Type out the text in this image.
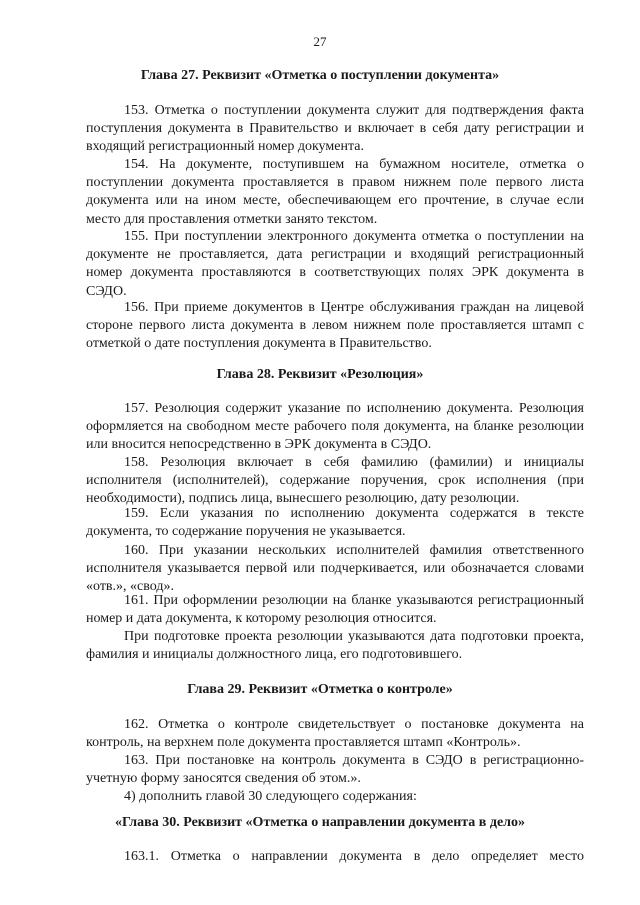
27
Глава 27. Реквизит «Отметка о поступлении документа»

153. Отметка о поступлении документа служит для подтверждения факта поступления документа в Правительство и включает в себя дату регистрации и входящий регистрационный номер документа.

154. На документе, поступившем на бумажном носителе, отметка о поступлении документа проставляется в правом нижнем поле первого листа документа или на ином месте, обеспечивающем его прочтение, в случае если место для проставления отметки занято текстом.

155. При поступлении электронного документа отметка о поступлении на документе не проставляется, дата регистрации и входящий регистрационный номер документа проставляются в соответствующих полях ЭРК документа в СЭДО.

156. При приеме документов в Центре обслуживания граждан на лицевой стороне первого листа документа в левом нижнем поле проставляется штамп с отметкой о дате поступления документа в Правительство.

Глава 28. Реквизит «Резолюция»

157. Резолюция содержит указание по исполнению документа. Резолюция оформляется на свободном месте рабочего поля документа, на бланке резолюции или вносится непосредственно в ЭРК документа в СЭДО.

158. Резолюция включает в себя фамилию (фамилии) и инициалы исполнителя (исполнителей), содержание поручения, срок исполнения (при необходимости), подпись лица, вынесшего резолюцию, дату резолюции.

159. Если указания по исполнению документа содержатся в тексте документа, то содержание поручения не указывается.

160. При указании нескольких исполнителей фамилия ответственного исполнителя указывается первой или подчеркивается, или обозначается словами «отв.», «свод».

161. При оформлении резолюции на бланке указываются регистрационный номер и дата документа, к которому резолюция относится.

При подготовке проекта резолюции указываются дата подготовки проекта, фамилия и инициалы должностного лица, его подготовившего.

Глава 29. Реквизит «Отметка о контроле»

162. Отметка о контроле свидетельствует о постановке документа на контроль, на верхнем поле документа проставляется штамп «Контроль».

163. При постановке на контроль документа в СЭДО в регистрационно-учетную форму заносятся сведения об этом.».

4) дополнить главой 30 следующего содержания:

«Глава 30. Реквизит «Отметка о направлении документа в дело»

163.1. Отметка о направлении документа в дело определяет место
